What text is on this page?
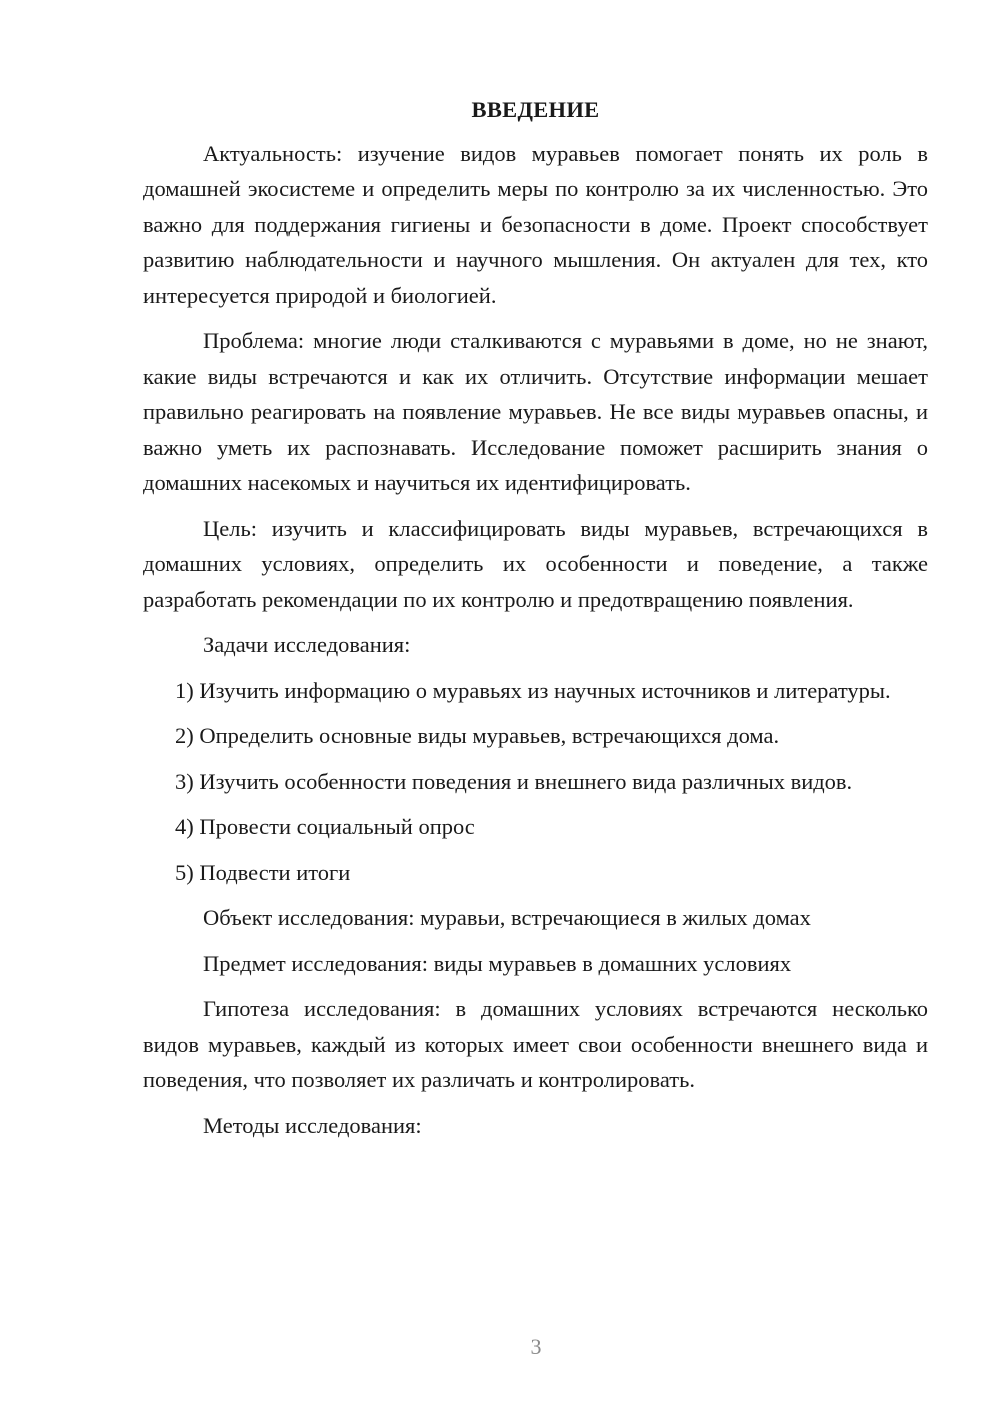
ВВЕДЕНИЕ

Актуальность: изучение видов муравьев помогает понять их роль в домашней экосистеме и определить меры по контролю за их численностью. Это важно для поддержания гигиены и безопасности в доме. Проект способствует развитию наблюдательности и научного мышления. Он актуален для тех, кто интересуется природой и биологией.

Проблема: многие люди сталкиваются с муравьями в доме, но не знают, какие виды встречаются и как их отличить. Отсутствие информации мешает правильно реагировать на появление муравьев. Не все виды муравьев опасны, и важно уметь их распознавать. Исследование поможет расширить знания о домашних насекомых и научиться их идентифицировать.

Цель: изучить и классифицировать виды муравьев, встречающихся в домашних условиях, определить их особенности и поведение, а также разработать рекомендации по их контролю и предотвращению появления.

Задачи исследования:

1) Изучить информацию о муравьях из научных источников и литературы.

2) Определить основные виды муравьев, встречающихся дома.

3) Изучить особенности поведения и внешнего вида различных видов.

4) Провести социальный опрос

5) Подвести итоги

Объект исследования: муравьи, встречающиеся в жилых домах

Предмет исследования: виды муравьев в домашних условиях

Гипотеза исследования: в домашних условиях встречаются несколько видов муравьев, каждый из которых имеет свои особенности внешнего вида и поведения, что позволяет их различать и контролировать.

Методы исследования:

3
